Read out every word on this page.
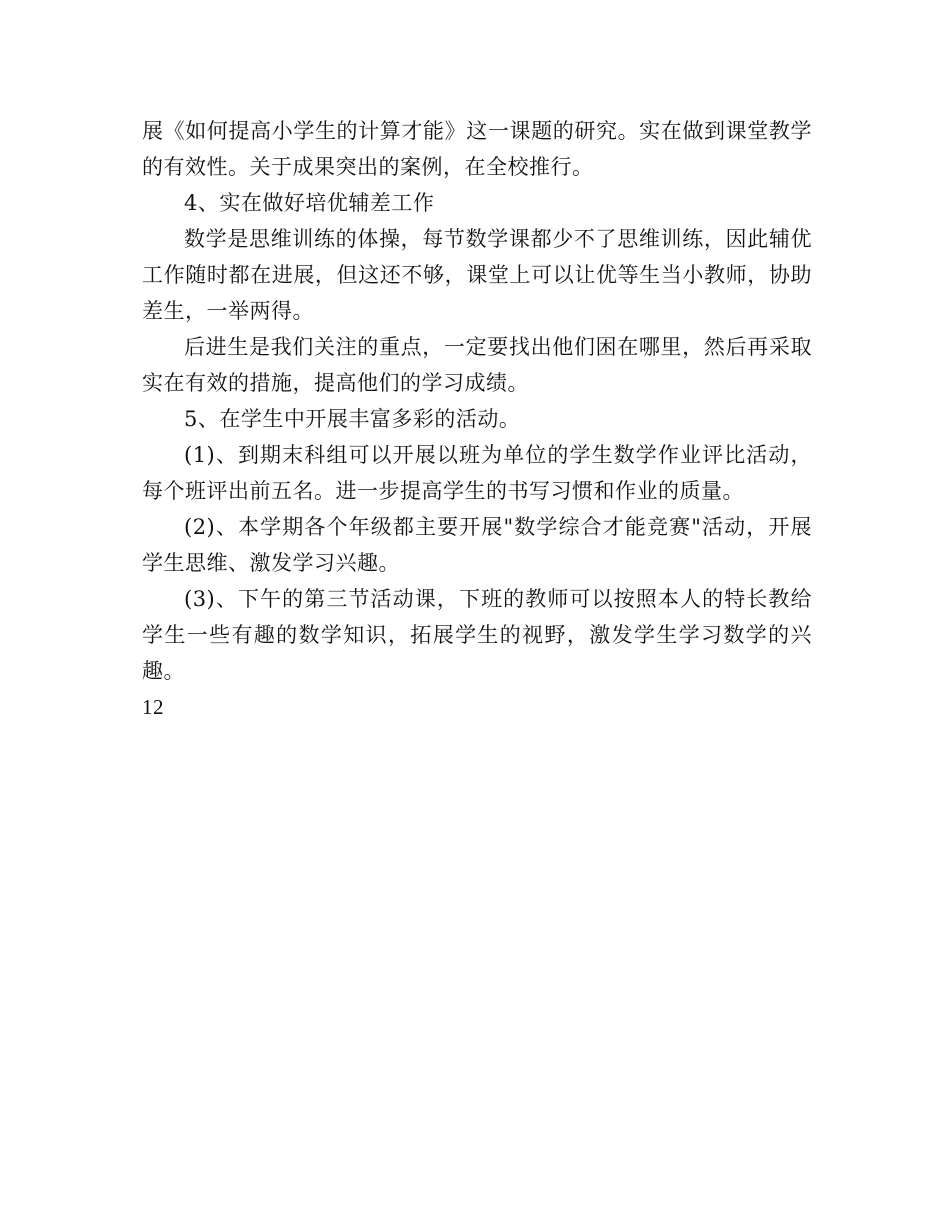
展《如何提高小学生的计算才能》这一课题的研究。实在做到课堂教学的有效性。关于成果突出的案例，在全校推行。

4、实在做好培优辅差工作

数学是思维训练的体操，每节数学课都少不了思维训练，因此辅优工作随时都在进展，但这还不够，课堂上可以让优等生当小教师，协助差生，一举两得。

后进生是我们关注的重点，一定要找出他们困在哪里，然后再采取实在有效的措施，提高他们的学习成绩。

5、在学生中开展丰富多彩的活动。

(1)、到期末科组可以开展以班为单位的学生数学作业评比活动，每个班评出前五名。进一步提高学生的书写习惯和作业的质量。

(2)、本学期各个年级都主要开展"数学综合才能竞赛"活动，开展学生思维、激发学习兴趣。

(3)、下午的第三节活动课，下班的教师可以按照本人的特长教给学生一些有趣的数学知识，拓展学生的视野，激发学生学习数学的兴趣。

12
